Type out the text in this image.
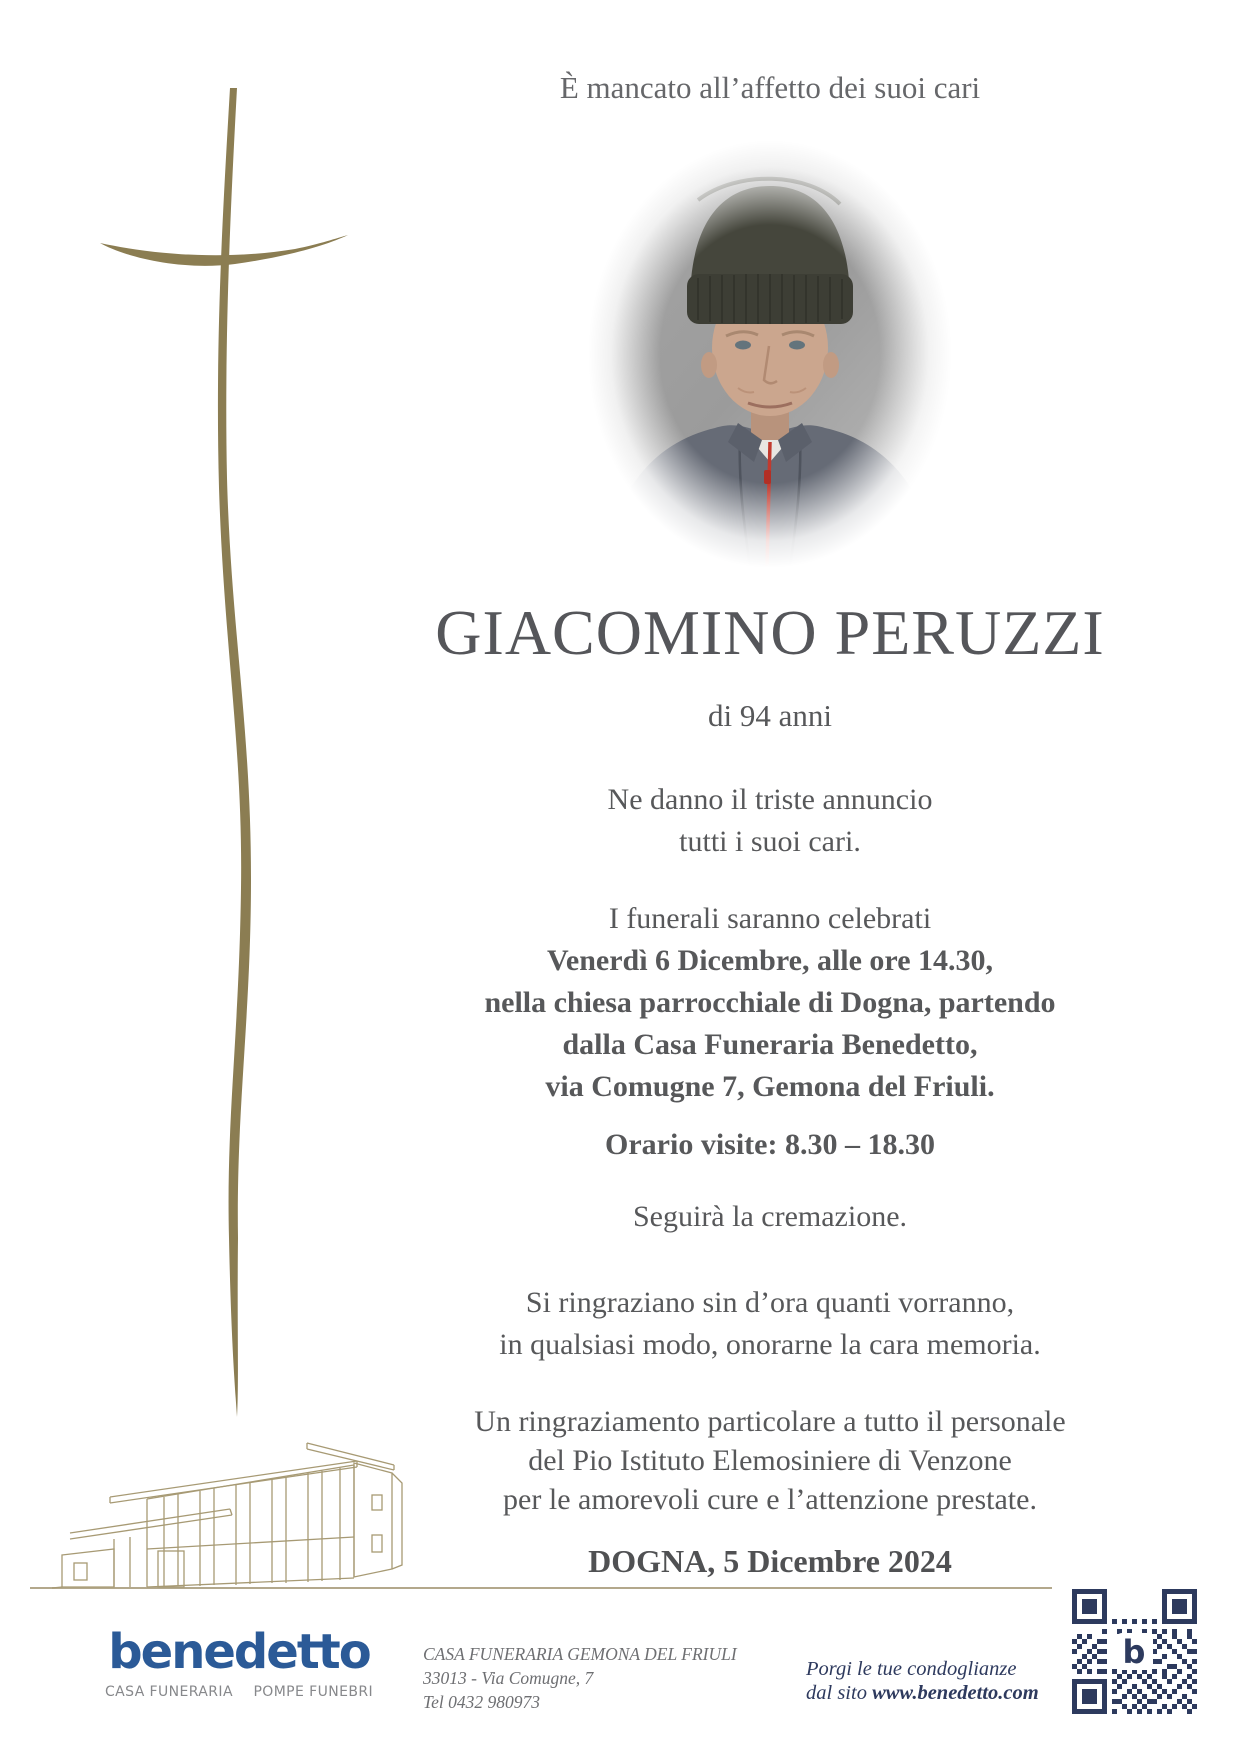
È mancato all’affetto dei suoi cari
GIACOMINO PERUZZI
di 94 anni
Ne danno il triste annuncio
tutti i suoi cari.
I funerali saranno celebrati
Venerdì 6 Dicembre, alle ore 14.30,
nella chiesa parrocchiale di Dogna, partendo
dalla Casa Funeraria Benedetto,
via Comugne 7, Gemona del Friuli.
Orario visite: 8.30 – 18.30
Seguirà la cremazione.
Si ringraziano sin d’ora quanti vorranno,
in qualsiasi modo, onorarne la cara memoria.
Un ringraziamento particolare a tutto il personale
del Pio Istituto Elemosiniere di Venzone
per le amorevoli cure e l’attenzione prestate.
DOGNA, 5 Dicembre 2024
benedetto
CASA FUNERARIA POMPE FUNEBRI
CASA FUNERARIA GEMONA DEL FRIULI
33013 - Via Comugne, 7
Tel 0432 980973
Porgi le tue condoglianze
dal sito www.benedetto.com
b
